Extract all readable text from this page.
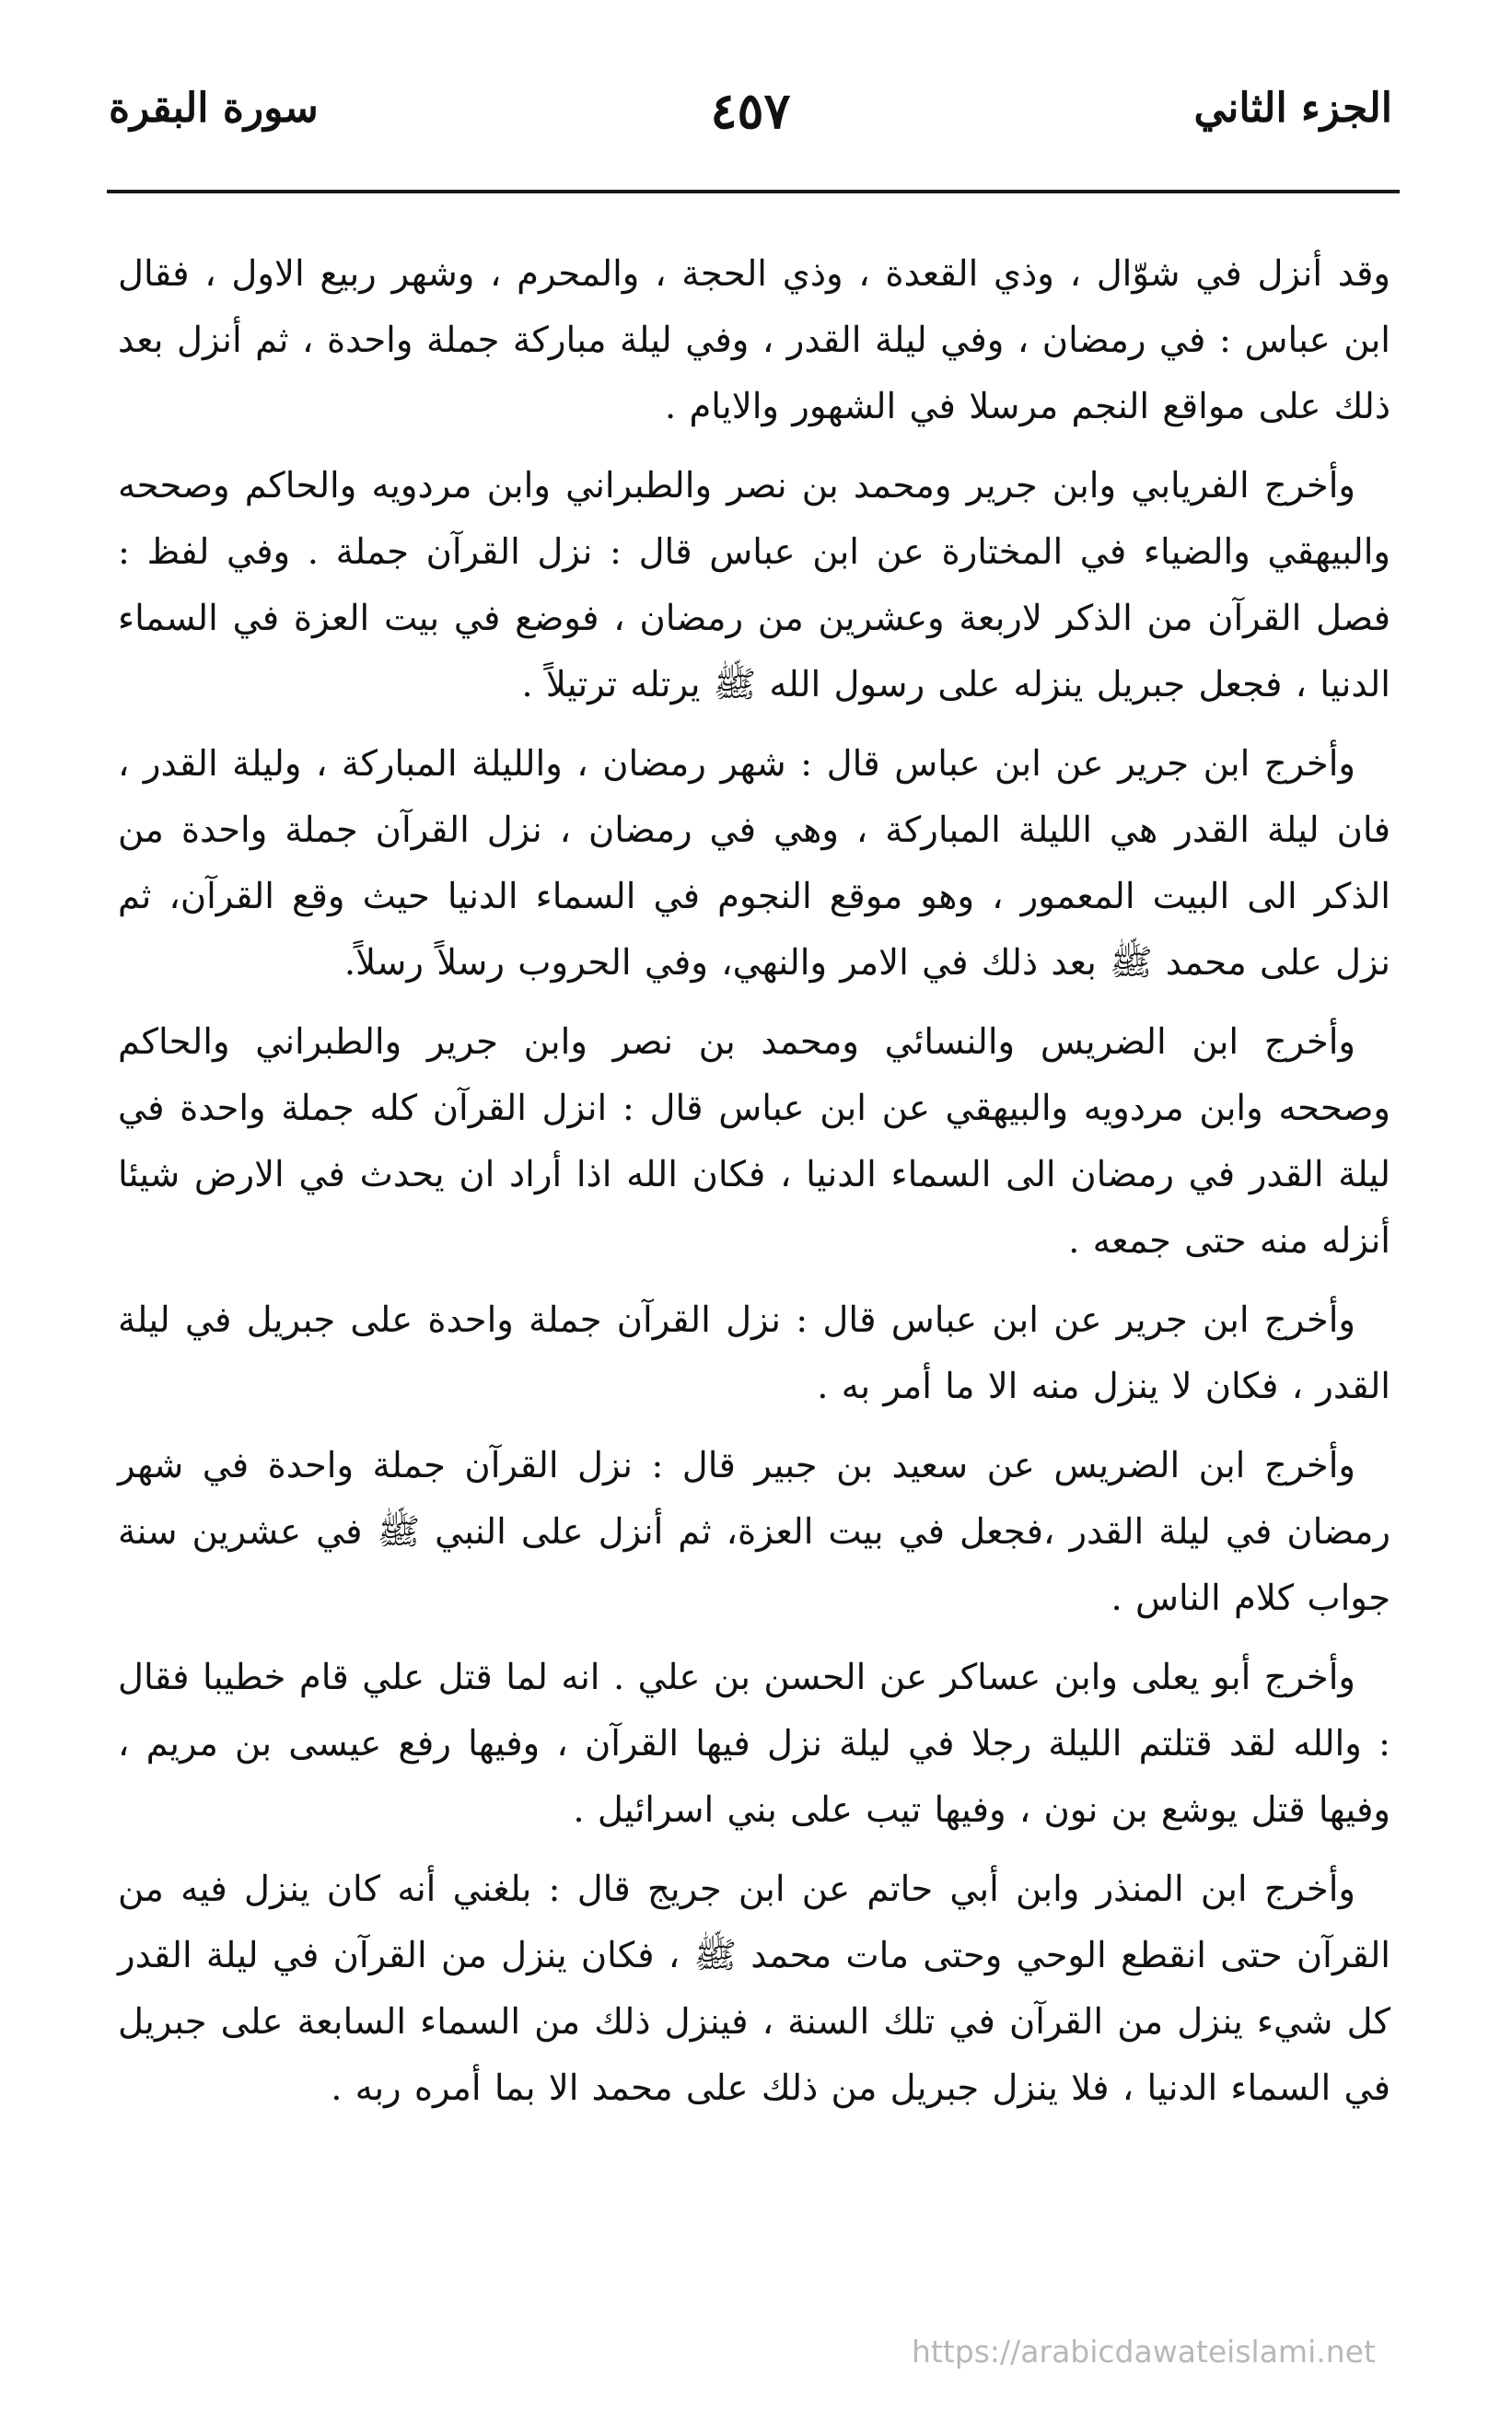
الجزء الثاني
٤٥٧
سورة البقرة

وقد أنزل في شوّال ، وذي القعدة ، وذي الحجة ، والمحرم ، وشهر ربيع الاول ، فقال ابن عباس : في رمضان ، وفي ليلة القدر ، وفي ليلة مباركة جملة واحدة ، ثم أنزل بعد ذلك على مواقع النجم مرسلا في الشهور والايام .

وأخرج الفريابي وابن جرير ومحمد بن نصر والطبراني وابن مردويه والحاكم وصححه والبيهقي والضياء في المختارة عن ابن عباس قال : نزل القرآن جملة . وفي لفظ : فصل القرآن من الذكر لاربعة وعشرين من رمضان ، فوضع في بيت العزة في السماء الدنيا ، فجعل جبريل ينزله على رسول الله ﷺ يرتله ترتيلاً .

وأخرج ابن جرير عن ابن عباس قال : شهر رمضان ، والليلة المباركة ، وليلة القدر ، فان ليلة القدر هي الليلة المباركة ، وهي في رمضان ، نزل القرآن جملة واحدة من الذكر الى البيت المعمور ، وهو موقع النجوم في السماء الدنيا حيث وقع القرآن، ثم نزل على محمد ﷺ بعد ذلك في الامر والنهي، وفي الحروب رسلاً رسلاً.

وأخرج ابن الضريس والنسائي ومحمد بن نصر وابن جرير والطبراني والحاكم وصححه وابن مردويه والبيهقي عن ابن عباس قال : انزل القرآن كله جملة واحدة في ليلة القدر في رمضان الى السماء الدنيا ، فكان الله اذا أراد ان يحدث في الارض شيئا أنزله منه حتى جمعه .

وأخرج ابن جرير عن ابن عباس قال : نزل القرآن جملة واحدة على جبريل في ليلة القدر ، فكان لا ينزل منه الا ما أمر به .

وأخرج ابن الضريس عن سعيد بن جبير قال : نزل القرآن جملة واحدة في شهر رمضان في ليلة القدر ،فجعل في بيت العزة، ثم أنزل على النبي ﷺ في عشرين سنة جواب كلام الناس .

وأخرج أبو يعلى وابن عساكر عن الحسن بن علي . انه لما قتل علي قام خطيبا فقال : والله لقد قتلتم الليلة رجلا في ليلة نزل فيها القرآن ، وفيها رفع عيسى بن مريم ، وفيها قتل يوشع بن نون ، وفيها تيب على بني اسرائيل .

وأخرج ابن المنذر وابن أبي حاتم عن ابن جريج قال : بلغني أنه كان ينزل فيه من القرآن حتى انقطع الوحي وحتى مات محمد ﷺ ، فكان ينزل من القرآن في ليلة القدر كل شيء ينزل من القرآن في تلك السنة ، فينزل ذلك من السماء السابعة على جبريل في السماء الدنيا ، فلا ينزل جبريل من ذلك على محمد الا بما أمره ربه .

https://arabicdawateislami.net
